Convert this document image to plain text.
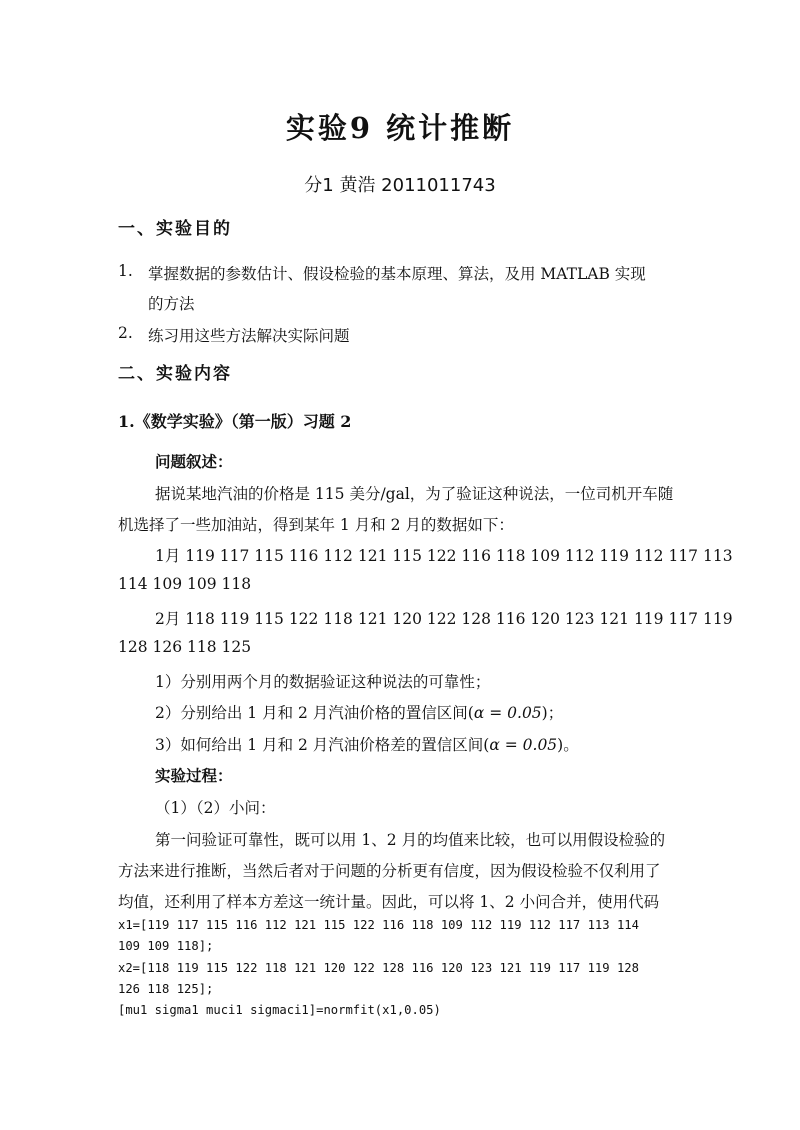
实验9 统计推断
分1 黄浩 2011011743
一、实验目的
1. 掌握数据的参数估计、假设检验的基本原理、算法，及用 MATLAB 实现
的方法
2. 练习用这些方法解决实际问题
二、实验内容
1.《数学实验》（第一版）习题 2
问题叙述：
据说某地汽油的价格是 115 美分/gal，为了验证这种说法，一位司机开车随
机选择了一些加油站，得到某年 1 月和 2 月的数据如下：
1月 119 117 115 116 112 121 115 122 116 118 109 112 119 112 117 113
114 109 109 118
2月 118 119 115 122 118 121 120 122 128 116 120 123 121 119 117 119
128 126 118 125
1）分别用两个月的数据验证这种说法的可靠性；
2）分别给出 1 月和 2 月汽油价格的置信区间(α = 0.05)；
3）如何给出 1 月和 2 月汽油价格差的置信区间(α = 0.05)。
实验过程：
（1）（2）小问：
第一问验证可靠性，既可以用 1、2 月的均值来比较，也可以用假设检验的
方法来进行推断，当然后者对于问题的分析更有信度，因为假设检验不仅利用了
均值，还利用了样本方差这一统计量。因此，可以将 1、2 小问合并，使用代码
x1=[119 117 115 116 112 121 115 122 116 118 109 112 119 112 117 113 114
109 109 118];
x2=[118 119 115 122 118 121 120 122 128 116 120 123 121 119 117 119 128
126 118 125];
[mu1 sigma1 muci1 sigmaci1]=normfit(x1,0.05)
